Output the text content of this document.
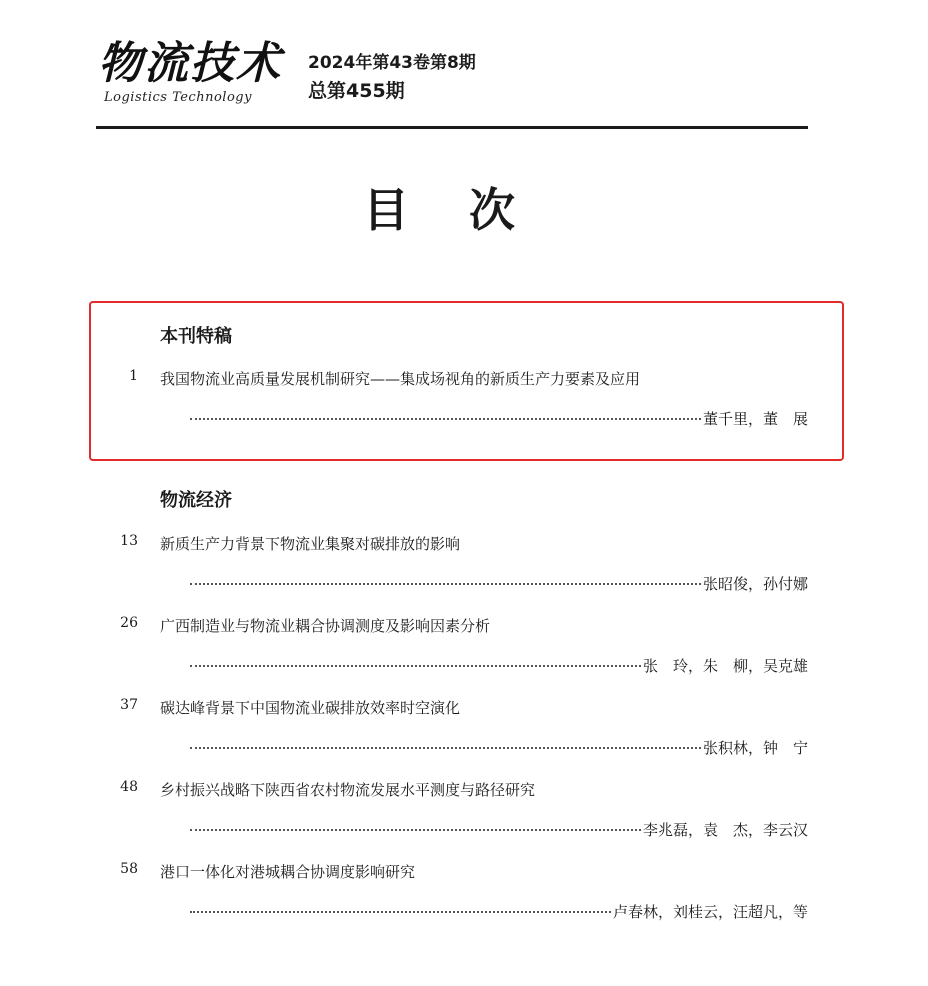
物流技术
Logistics Technology
2024年第43卷第8期
总第455期
目 次
本刊特稿
1 我国物流业高质量发展机制研究——集成场视角的新质生产力要素及应用
董千里，董　展
物流经济
13 新质生产力背景下物流业集聚对碳排放的影响
张昭俊，孙付娜
26 广西制造业与物流业耦合协调测度及影响因素分析
张　玲，朱　柳，吴克雄
37 碳达峰背景下中国物流业碳排放效率时空演化
张积林，钟　宁
48 乡村振兴战略下陕西省农村物流发展水平测度与路径研究
李兆磊，袁　杰，李云汉
58 港口一体化对港城耦合协调度影响研究
卢春林，刘桂云，汪超凡，等
